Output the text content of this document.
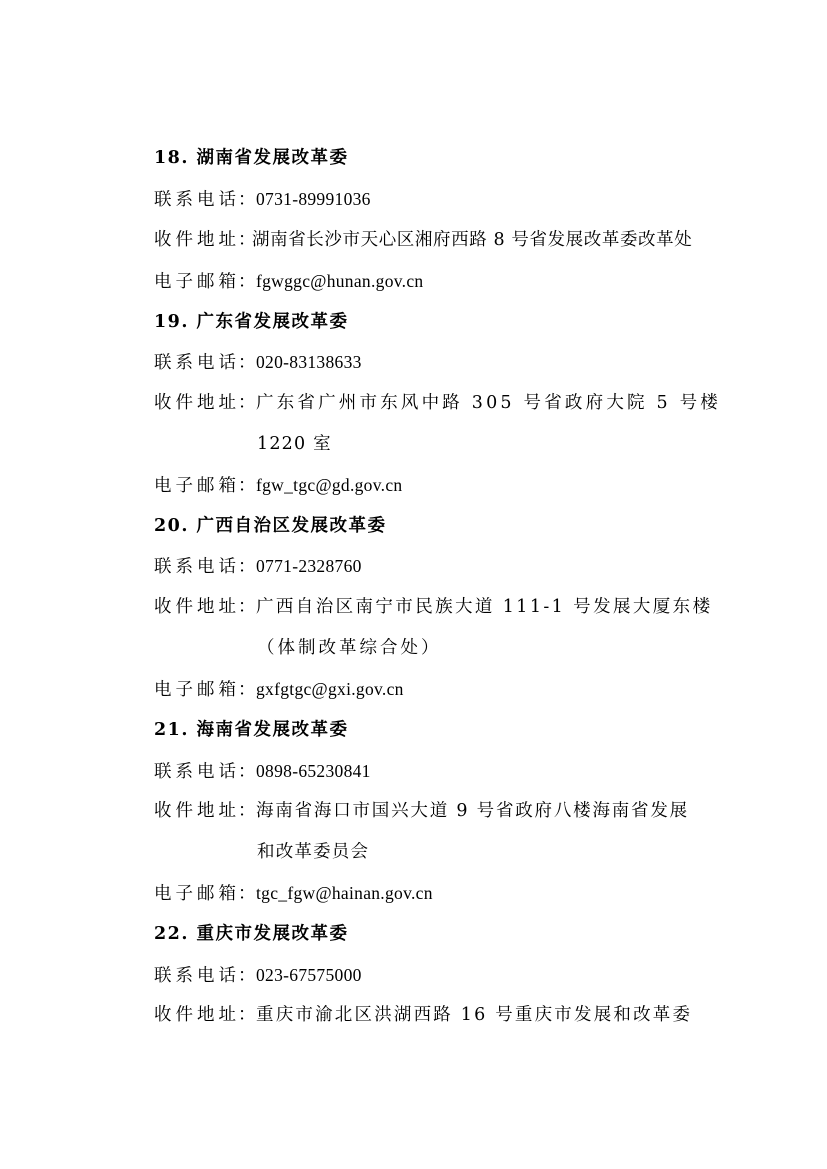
18. 湖南省发展改革委
联系电话：0731-89991036
收件地址：湖南省长沙市天心区湘府西路 8 号省发展改革委改革处
电子邮箱：fgwggc@hunan.gov.cn
19. 广东省发展改革委
联系电话：020-83138633
收件地址：广东省广州市东风中路 305 号省政府大院 5 号楼
1220 室
电子邮箱：fgw_tgc@gd.gov.cn
20. 广西自治区发展改革委
联系电话：0771-2328760
收件地址：广西自治区南宁市民族大道 111-1 号发展大厦东楼
（体制改革综合处）
电子邮箱：gxfgtgc@gxi.gov.cn
21. 海南省发展改革委
联系电话：0898-65230841
收件地址：海南省海口市国兴大道 9 号省政府八楼海南省发展
和改革委员会
电子邮箱：tgc_fgw@hainan.gov.cn
22. 重庆市发展改革委
联系电话：023-67575000
收件地址：重庆市渝北区洪湖西路 16 号重庆市发展和改革委
